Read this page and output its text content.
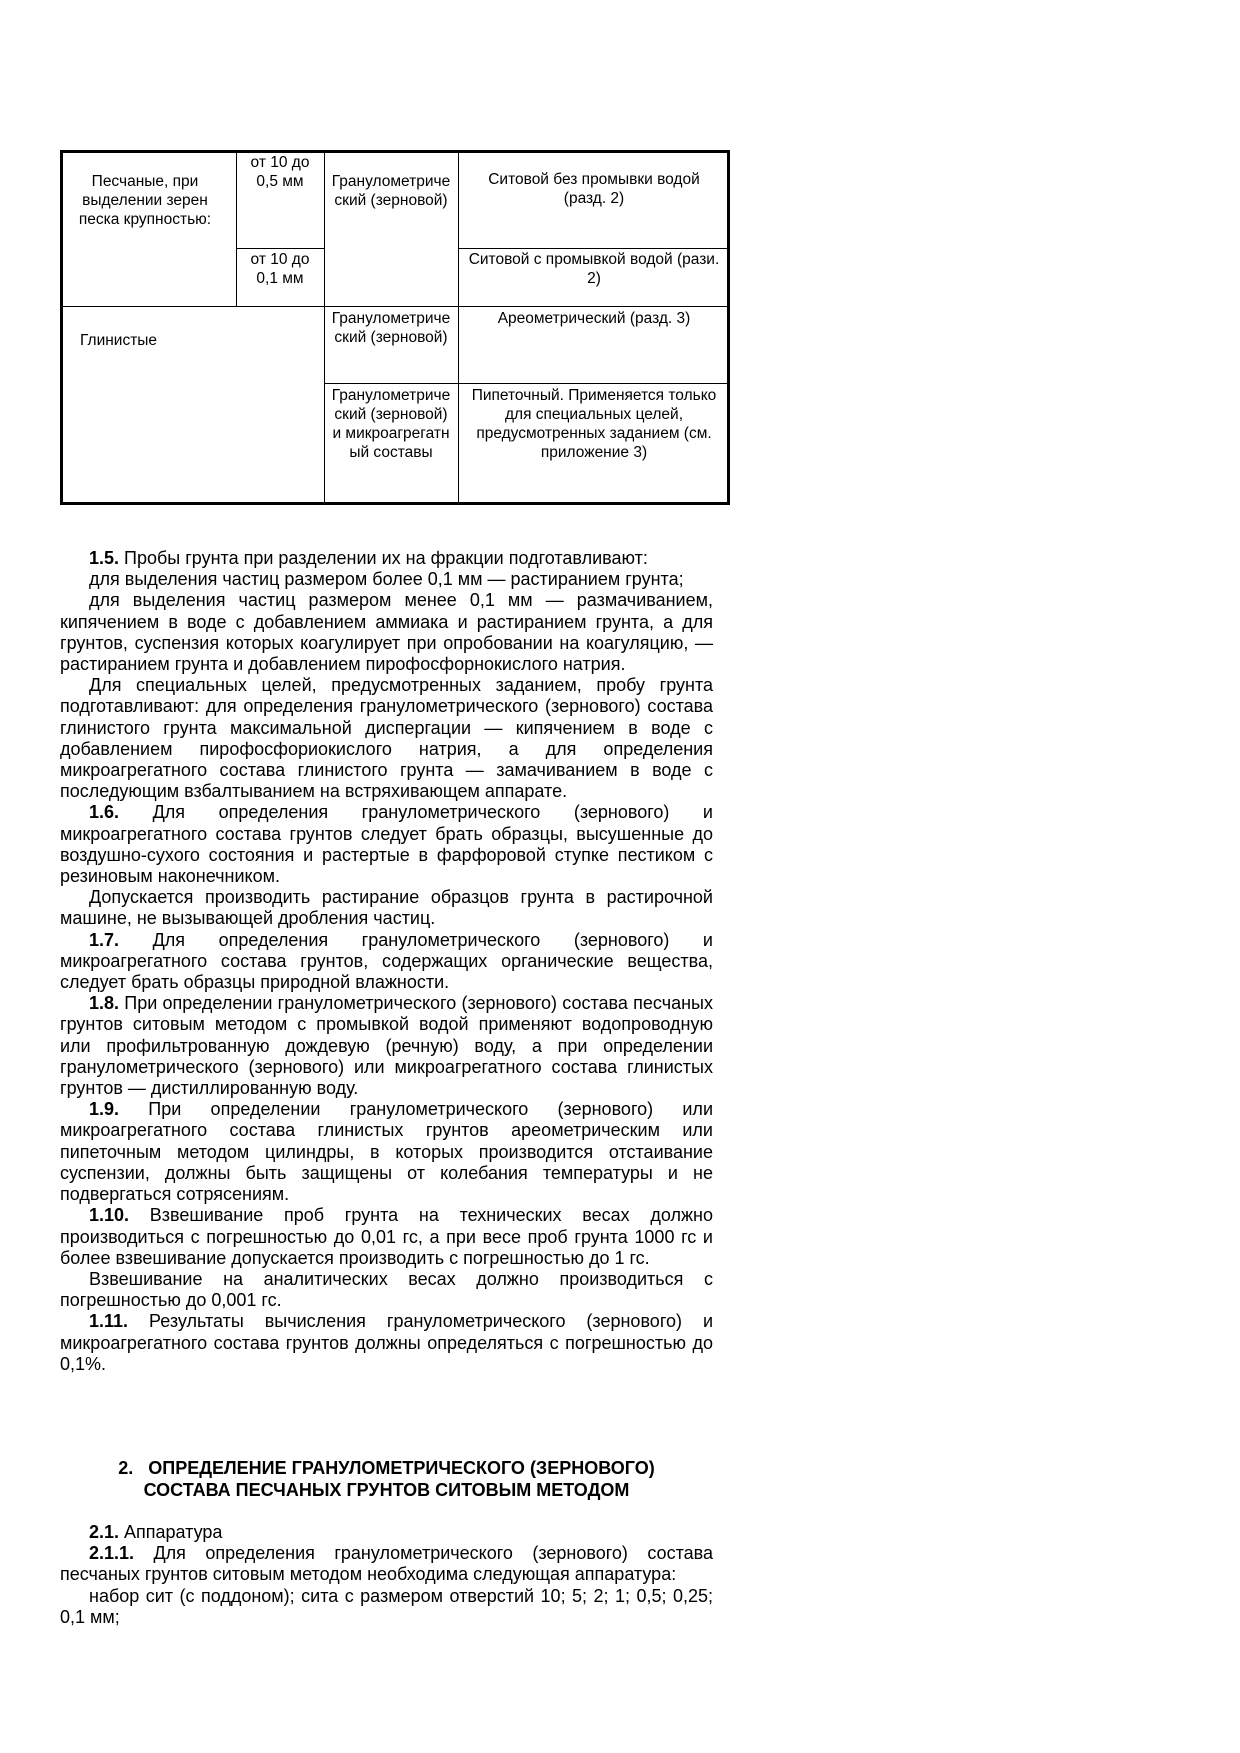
Песчаные, при выделении зерен песка крупностью:
от 10 до 0,5 мм
от 10 до 0,1 мм
Гранулометрический (зерновой)
Ситовой без промывки водой (разд. 2)
Ситовой с промывкой водой (рази. 2)
Глинистые
Гранулометрический (зерновой)
Ареометрический (разд. 3)
Гранулометрический (зерновой) и микроагрегатный составы
Пипеточный. Применяется только для специальных целей, предусмотренных заданием (см. приложение 3)

1.5. Пробы грунта при разделении их на фракции подготавливают:

для выделения частиц размером более 0,1 мм — растиранием грунта;

для выделения частиц размером менее 0,1 мм — размачиванием, кипячением в воде с добавлением аммиака и растиранием грунта, а для грунтов, суспензия которых коагулирует при опробовании на коагуляцию, — растиранием грунта и добавлением пирофосфорнокислого натрия.

Для специальных целей, предусмотренных заданием, пробу грунта подготавливают: для определения гранулометрического (зернового) состава глинистого грунта максимальной диспергации — кипячением в воде с добавлением пирофосфориокислого натрия, а для определения микроагрегатного состава глинистого грунта — замачиванием в воде с последующим взбалтыванием на встряхивающем аппарате.

1.6. Для определения гранулометрического (зернового) и микроагрегатного состава грунтов следует брать образцы, высушенные до воздушно-сухого состояния и растертые в фарфоровой ступке пестиком с резиновым наконечником.

Допускается производить растирание образцов грунта в растирочной машине, не вызывающей дробления частиц.

1.7. Для определения гранулометрического (зернового) и микроагрегатного состава грунтов, содержащих органические вещества, следует брать образцы природной влажности.

1.8. При определении гранулометрического (зернового) состава песчаных грунтов ситовым методом с промывкой водой применяют водопроводную или профильтрованную дождевую (речную) воду, а при определении гранулометрического (зернового) или микроагрегатного состава глинистых грунтов — дистиллированную воду.

1.9. При определении гранулометрического (зернового) или микроагрегатного состава глинистых грунтов ареометрическим или пипеточным методом цилиндры, в которых производится отстаивание суспензии, должны быть защищены от колебания температуры и не подвергаться сотрясениям.

1.10. Взвешивание проб грунта на технических весах должно производиться с погрешностью до 0,01 гс, а при весе проб грунта 1000 гс и более взвешивание допускается производить с погрешностью до 1 гс.

Взвешивание на аналитических весах должно производиться с погрешностью до 0,001 гс.

1.11. Результаты вычисления гранулометрического (зернового) и микроагрегатного состава грунтов должны определяться с погрешностью до 0,1%.

2.   ОПРЕДЕЛЕНИЕ ГРАНУЛОМЕТРИЧЕСКОГО (ЗЕРНОВОГО)
СОСТАВА ПЕСЧАНЫХ ГРУНТОВ СИТОВЫМ МЕТОДОМ

2.1. Аппаратура

2.1.1. Для определения гранулометрического (зернового) состава песчаных грунтов ситовым методом необходима следующая аппаратура:

набор сит (с поддоном); сита с размером отверстий 10; 5; 2; 1; 0,5; 0,25; 0,1 мм;
